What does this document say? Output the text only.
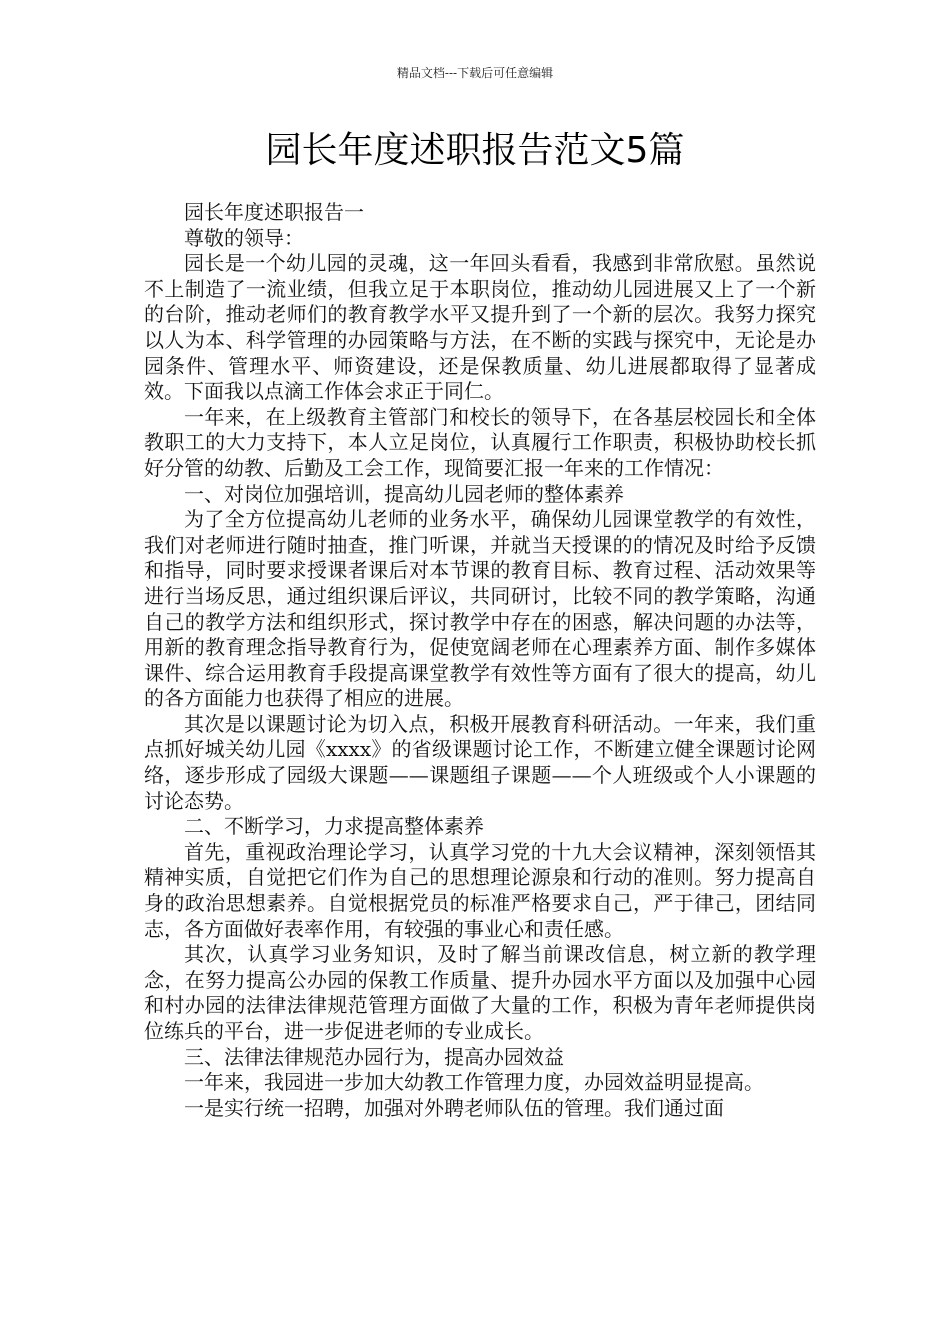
精品文档---下载后可任意编辑
园长年度述职报告范文5篇

园长年度述职报告一

尊敬的领导：

园长是一个幼儿园的灵魂，这一年回头看看，我感到非常欣慰。虽然说不上制造了一流业绩，但我立足于本职岗位，推动幼儿园进展又上了一个新的台阶，推动老师们的教育教学水平又提升到了一个新的层次。我努力探究以人为本、科学管理的办园策略与方法，在不断的实践与探究中，无论是办园条件、管理水平、师资建设，还是保教质量、幼儿进展都取得了显著成效。下面我以点滴工作体会求正于同仁。

一年来，在上级教育主管部门和校长的领导下，在各基层校园长和全体教职工的大力支持下，本人立足岗位，认真履行工作职责，积极协助校长抓好分管的幼教、后勤及工会工作，现简要汇报一年来的工作情况：

一、对岗位加强培训，提高幼儿园老师的整体素养

为了全方位提高幼儿老师的业务水平，确保幼儿园课堂教学的有效性，我们对老师进行随时抽查，推门听课，并就当天授课的的情况及时给予反馈和指导，同时要求授课者课后对本节课的教育目标、教育过程、活动效果等进行当场反思，通过组织课后评议，共同研讨，比较不同的教学策略，沟通自己的教学方法和组织形式，探讨教学中存在的困惑，解决问题的办法等，用新的教育理念指导教育行为，促使宽阔老师在心理素养方面、制作多媒体课件、综合运用教育手段提高课堂教学有效性等方面有了很大的提高，幼儿的各方面能力也获得了相应的进展。

其次是以课题讨论为切入点，积极开展教育科研活动。一年来，我们重点抓好城关幼儿园《xxxx》的省级课题讨论工作，不断建立健全课题讨论网络，逐步形成了园级大课题——课题组子课题——个人班级或个人小课题的讨论态势。

二、不断学习，力求提高整体素养

首先，重视政治理论学习，认真学习党的十九大会议精神，深刻领悟其精神实质，自觉把它们作为自己的思想理论源泉和行动的准则。努力提高自身的政治思想素养。自觉根据党员的标准严格要求自己，严于律己，团结同志，各方面做好表率作用，有较强的事业心和责任感。

其次，认真学习业务知识，及时了解当前课改信息，树立新的教学理念，在努力提高公办园的保教工作质量、提升办园水平方面以及加强中心园和村办园的法律法律规范管理方面做了大量的工作，积极为青年老师提供岗位练兵的平台，进一步促进老师的专业成长。

三、法律法律规范办园行为，提高办园效益

一年来，我园进一步加大幼教工作管理力度，办园效益明显提高。

一是实行统一招聘，加强对外聘老师队伍的管理。我们通过面
